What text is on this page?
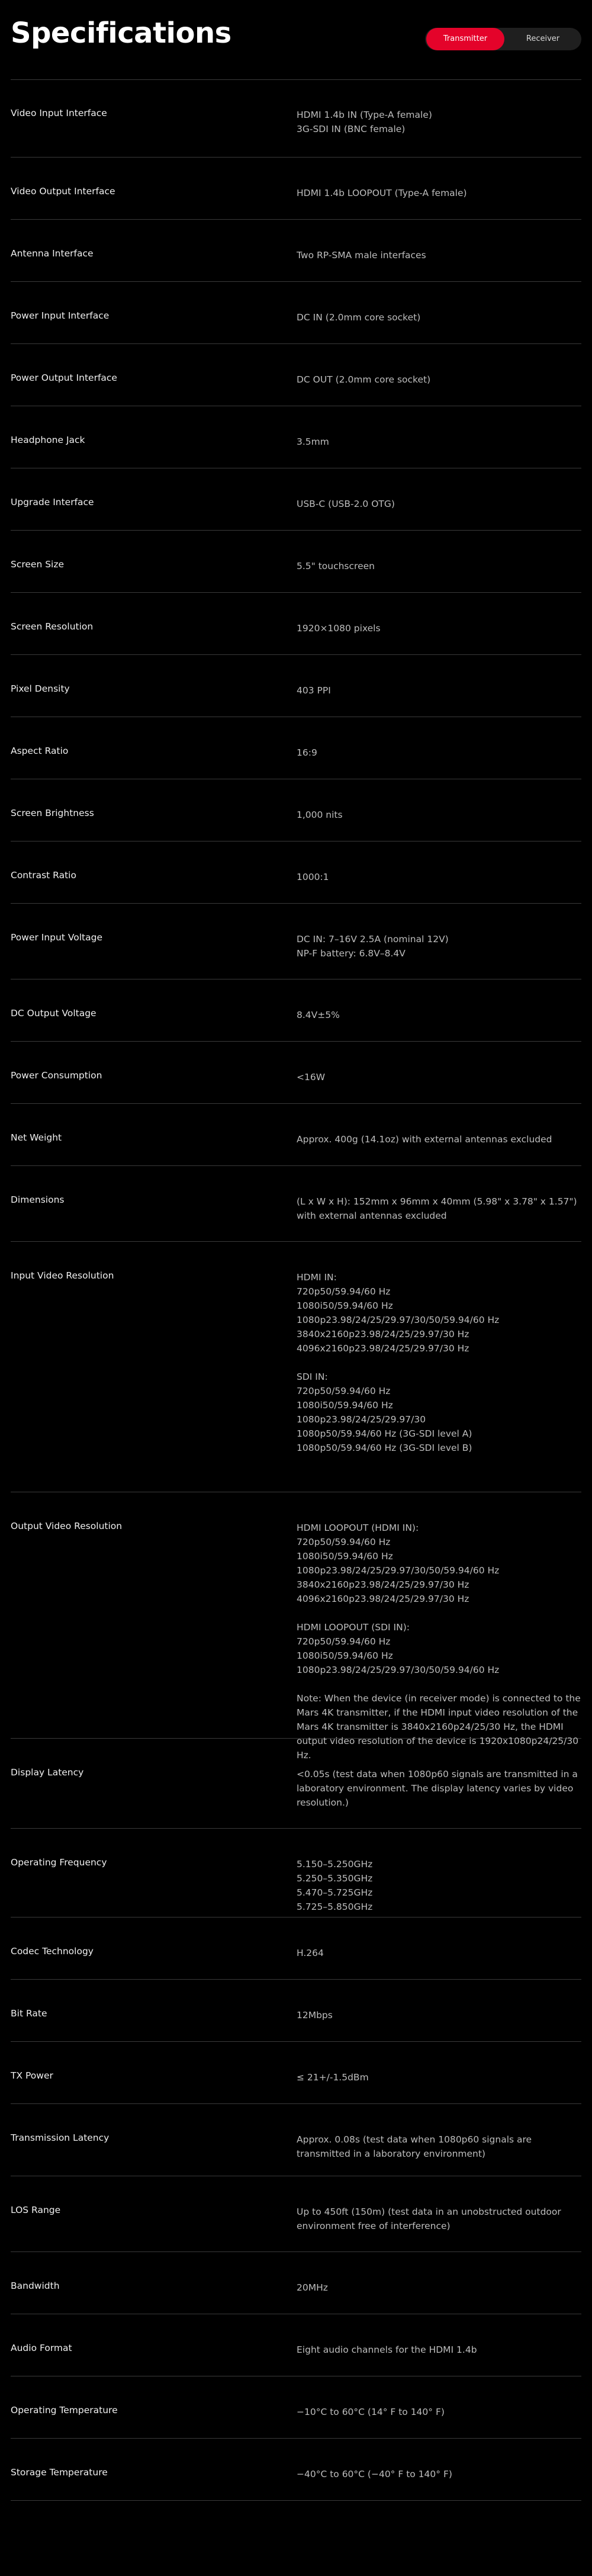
Specifications	Transmitter	Receiver
Video Input Interface	HDMI 1.4b IN (Type-A female)
3G-SDI IN (BNC female)
Video Output Interface	HDMI 1.4b LOOPOUT (Type-A female)
Antenna Interface	Two RP-SMA male interfaces
Power Input Interface	DC IN (2.0mm core socket)
Power Output Interface	DC OUT (2.0mm core socket)
Headphone Jack	3.5mm
Upgrade Interface	USB-C (USB-2.0 OTG)
Screen Size	5.5" touchscreen
Screen Resolution	1920×1080 pixels
Pixel Density	403 PPI
Aspect Ratio	16:9
Screen Brightness	1,000 nits
Contrast Ratio	1000:1
Power Input Voltage	DC IN: 7–16V 2.5A (nominal 12V)
NP-F battery: 6.8V–8.4V
DC Output Voltage	8.4V±5%
Power Consumption	<16W
Net Weight	Approx. 400g (14.1oz) with external antennas excluded
Dimensions	(L x W x H): 152mm x 96mm x 40mm (5.98" x 3.78" x 1.57")
with external antennas excluded
Input Video Resolution	HDMI IN:
720p50/59.94/60 Hz
1080i50/59.94/60 Hz
1080p23.98/24/25/29.97/30/50/59.94/60 Hz
3840x2160p23.98/24/25/29.97/30 Hz
4096x2160p23.98/24/25/29.97/30 Hz
SDI IN:
720p50/59.94/60 Hz
1080i50/59.94/60 Hz
1080p23.98/24/25/29.97/30
1080p50/59.94/60 Hz (3G-SDI level A)
1080p50/59.94/60 Hz (3G-SDI level B)
Output Video Resolution	HDMI LOOPOUT (HDMI IN):
720p50/59.94/60 Hz
1080i50/59.94/60 Hz
1080p23.98/24/25/29.97/30/50/59.94/60 Hz
3840x2160p23.98/24/25/29.97/30 Hz
4096x2160p23.98/24/25/29.97/30 Hz
HDMI LOOPOUT (SDI IN):
720p50/59.94/60 Hz
1080i50/59.94/60 Hz
1080p23.98/24/25/29.97/30/50/59.94/60 Hz
Note: When the device (in receiver mode) is connected to the Mars 4K transmitter, if the HDMI input video resolution of the Mars 4K transmitter is 3840x2160p24/25/30 Hz, the HDMI output video resolution of the device is 1920x1080p24/25/30 Hz.
Display Latency	<0.05s (test data when 1080p60 signals are transmitted in a laboratory environment. The display latency varies by video resolution.)
Operating Frequency	5.150–5.250GHz
5.250–5.350GHz
5.470–5.725GHz
5.725–5.850GHz
Codec Technology	H.264
Bit Rate	12Mbps
TX Power	≤ 21+/-1.5dBm
Transmission Latency	Approx. 0.08s (test data when 1080p60 signals are transmitted in a laboratory environment)
LOS Range	Up to 450ft (150m) (test data in an unobstructed outdoor environment free of interference)
Bandwidth	20MHz
Audio Format	Eight audio channels for the HDMI 1.4b
Operating Temperature	−10°C to 60°C (14° F to 140° F)
Storage Temperature	−40°C to 60°C (−40° F to 140° F)
